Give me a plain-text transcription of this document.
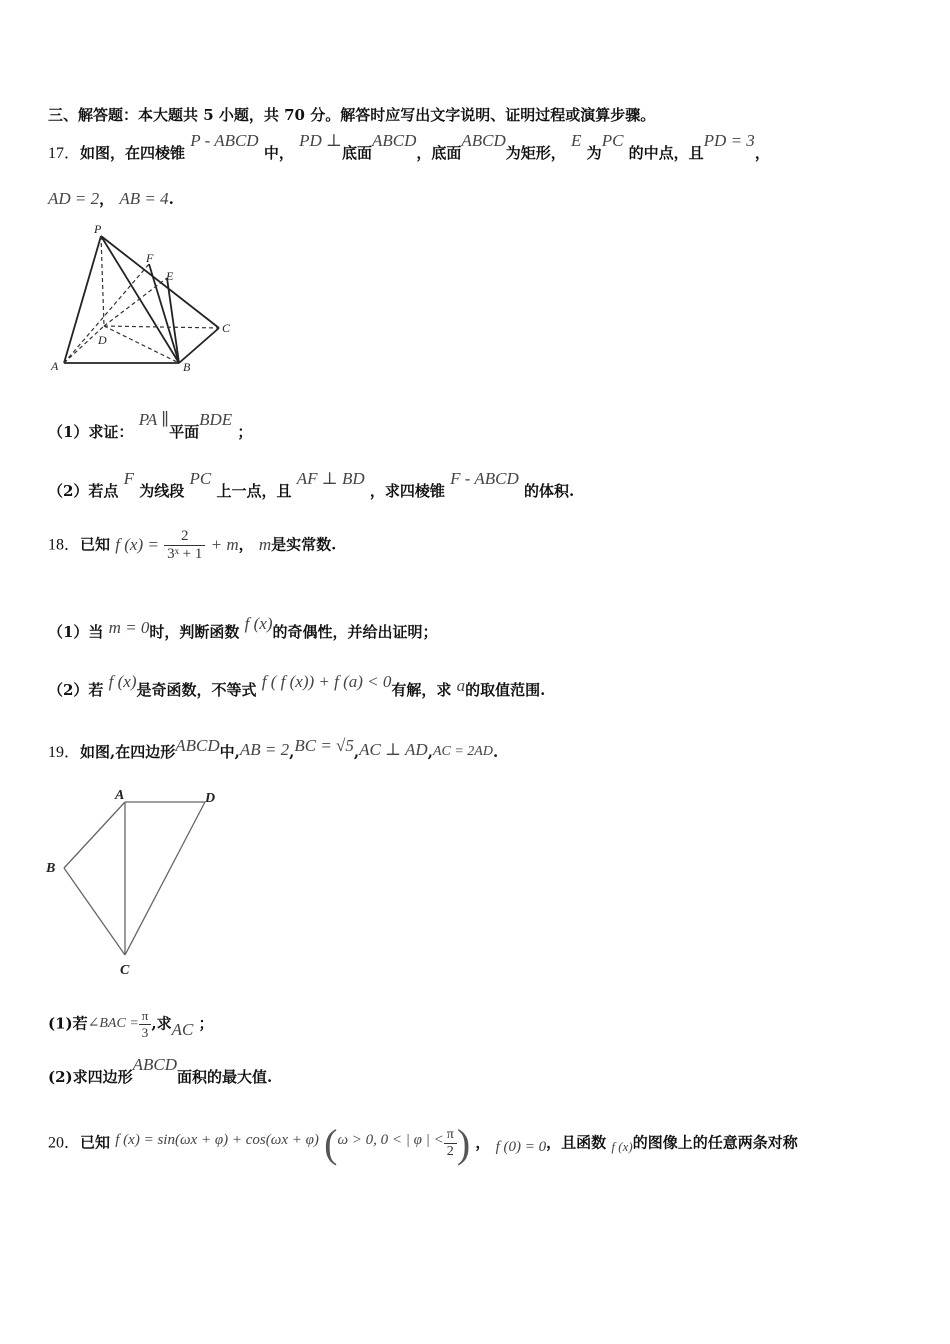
三、解答题：本大题共 5 小题，共 70 分。解答时应写出文字说明、证明过程或演算步骤。
17．如图，在四棱锥 P - ABCD 中， PD ⊥底面ABCD，底面ABCD为矩形， E 为PC 的中点，且PD = 3，
AD = 2， AB = 4.
P
F
E
D
C
A	B
（1）求证： PA ∥平面BDE ；
（2）若点 F 为线段 PC 上一点，且 AF ⊥ BD ，求四棱锥 F - ABCD 的体积.
18．已知 f $(x) = \frac{2}{\text{3ˣ + 1}} + m$， m是实常数.
（1）当 m = 0时，判断函数 f (x)的奇偶性，并给出证明；
（2）若 f (x)是奇函数，不等式 f ( f (x)) + f (a) < 0有解，求 a的取值范围.
19．如图,在四边形ABCD中,AB = 2,BC = √5,AC ⊥ AD,AC = 2AD.
A	D
B
C
(1)若∠BAC = $\frac{\pi}{3}$ ,求AC ；
(2)求四边形ABCD面积的最大值.
20．已知 f (x) = sin(ωx + φ) + cos(ωx + φ) (ω > 0, 0 < | φ | < $\frac{\pi}{2}$ ) ， f (0) = 0，且函数 f (x)的图像上的任意两条对称
